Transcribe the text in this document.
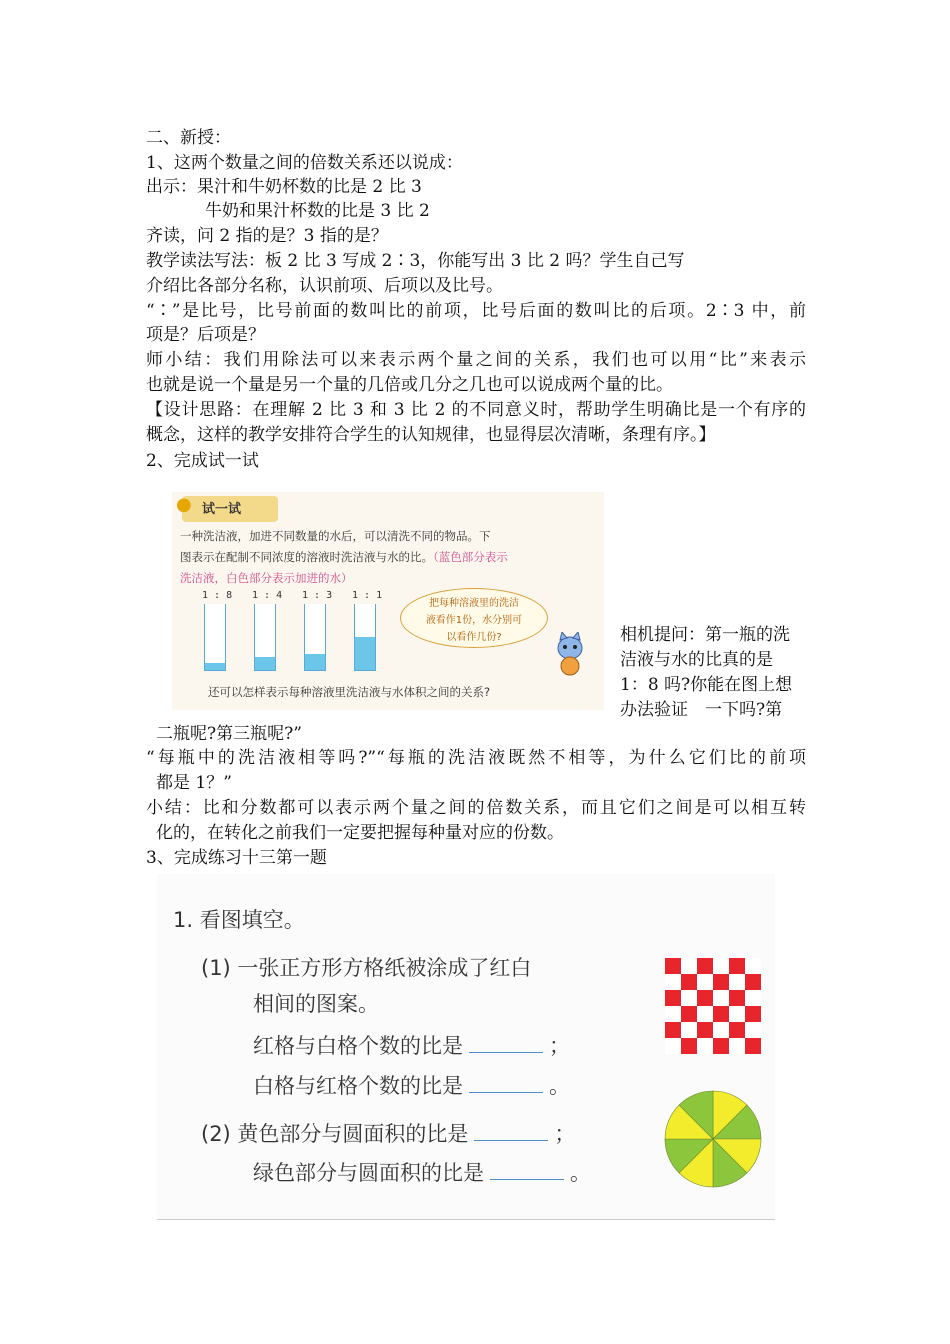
二、新授：
1、这两个数量之间的倍数关系还以说成：
出示：果汁和牛奶杯数的比是 2 比 3
牛奶和果汁杯数的比是 3 比 2
齐读，问 2 指的是？3 指的是？
教学读法写法：板 2 比 3 写成 2∶3，你能写出 3 比 2 吗？学生自己写
介绍比各部分名称，认识前项、后项以及比号。
“∶”是比号，比号前面的数叫比的前项，比号后面的数叫比的后项。2∶3 中，前
项是？后项是？
师小结：我们用除法可以来表示两个量之间的关系，我们也可以用“比”来表示
也就是说一个量是另一个量的几倍或几分之几也可以说成两个量的比。
【设计思路：在理解 2 比 3 和 3 比 2 的不同意义时，帮助学生明确比是一个有序的
概念，这样的教学安排符合学生的认知规律，也显得层次清晰，条理有序。】
2、完成试一试
● 试一试
一种洗洁液，加进不同数量的水后，可以清洗不同的物品。下
图表示在配制不同浓度的溶液时洗洁液与水的比。（蓝色部分表示
洗洁液，白色部分表示加进的水）
1 : 8 1 : 4 1 : 3 1 : 1
把每种溶液里的洗洁
液看作1份，水分别可
以看作几份?
还可以怎样表示每种溶液里洗洁液与水体积之间的关系?
相机提问：第一瓶的洗
洁液与水的比真的是
1：8 吗?你能在图上想
办法验证　一下吗?第
二瓶呢?第三瓶呢?”
“每瓶中的洗洁液相等吗?”“每瓶的洗洁液既然不相等，为什么它们比的前项
都是 1？”
小结：比和分数都可以表示两个量之间的倍数关系，而且它们之间是可以相互转
化的，在转化之前我们一定要把握每种量对应的份数。
3、完成练习十三第一题
1. 看图填空。
(1) 一张正方形方格纸被涂成了红白
相间的图案。
红格与白格个数的比是	；
白格与红格个数的比是	。
(2) 黄色部分与圆面积的比是	；
绿色部分与圆面积的比是	。
